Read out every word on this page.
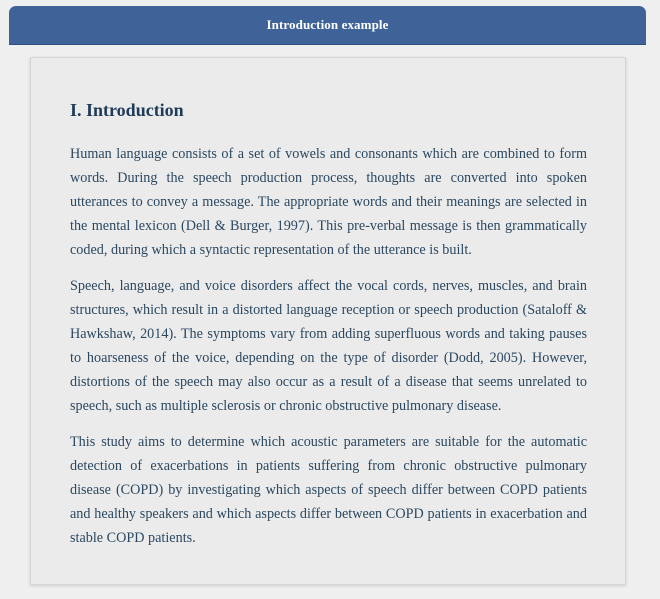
Introduction example
I. Introduction

Human language consists of a set of vowels and consonants which are combined to form words. During the speech production process, thoughts are converted into spoken utterances to convey a message. The appropriate words and their meanings are selected in the mental lexicon (Dell & Burger, 1997). This pre-verbal message is then grammatically coded, during which a syntactic representation of the utterance is built.

Speech, language, and voice disorders affect the vocal cords, nerves, muscles, and brain structures, which result in a distorted language reception or speech production (Sataloff & Hawkshaw, 2014). The symptoms vary from adding superfluous words and taking pauses to hoarseness of the voice, depending on the type of disorder (Dodd, 2005). However, distortions of the speech may also occur as a result of a disease that seems unrelated to speech, such as multiple sclerosis or chronic obstructive pulmonary disease.

This study aims to determine which acoustic parameters are suitable for the automatic detection of exacerbations in patients suffering from chronic obstructive pulmonary disease (COPD) by investigating which aspects of speech differ between COPD patients and healthy speakers and which aspects differ between COPD patients in exacerbation and stable COPD patients.
